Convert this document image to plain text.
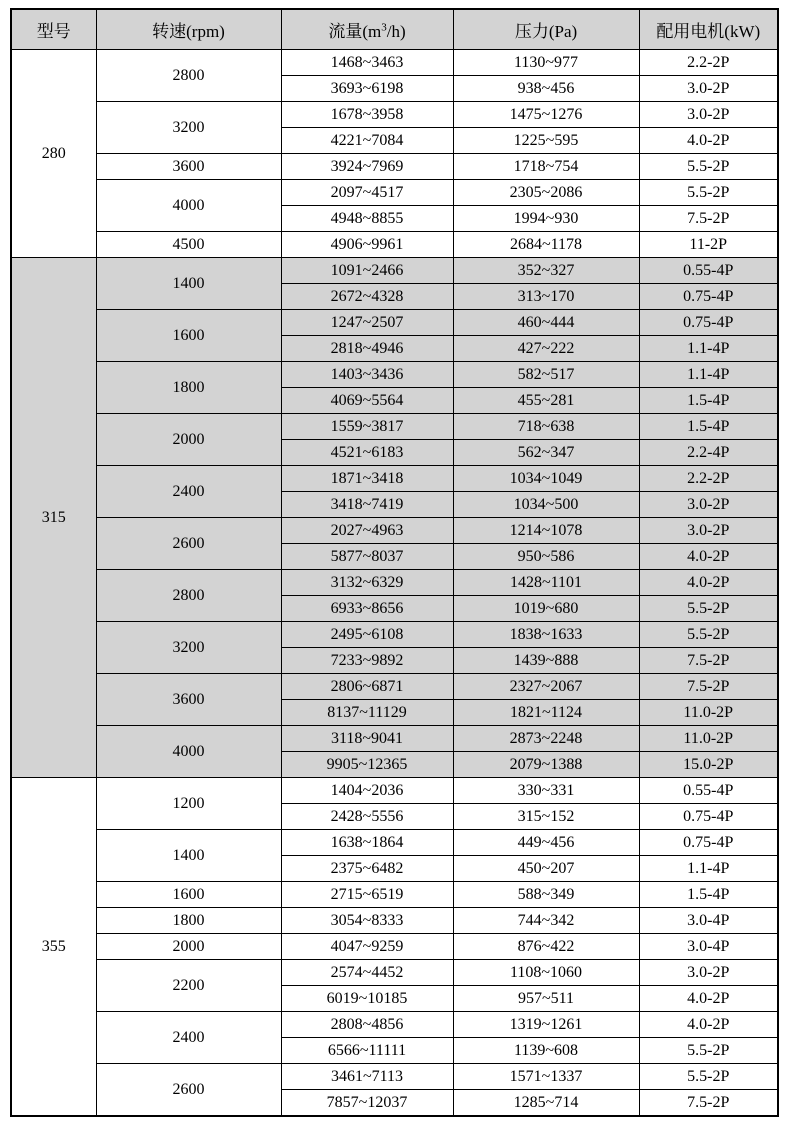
型号	转速(rpm)	流量$(m^3/h)$	压力(Pa)	配用电机(kW)
280	2800	1468~3463	1130~977	2.2-2P
		3693~6198	938~456	3.0-2P
	3200	1678~3958	1475~1276	3.0-2P
		4221~7084	1225~595	4.0-2P
	3600	3924~7969	1718~754	5.5-2P
	4000	2097~4517	2305~2086	5.5-2P
		4948~8855	1994~930	7.5-2P
	4500	4906~9961	2684~1178	11-2P
315	1400	1091~2466	352~327	0.55-4P
		2672~4328	313~170	0.75-4P
	1600	1247~2507	460~444	0.75-4P
		2818~4946	427~222	1.1-4P
	1800	1403~3436	582~517	1.1-4P
		4069~5564	455~281	1.5-4P
	2000	1559~3817	718~638	1.5-4P
		4521~6183	562~347	2.2-4P
	2400	1871~3418	1034~1049	2.2-2P
		3418~7419	1034~500	3.0-2P
	2600	2027~4963	1214~1078	3.0-2P
		5877~8037	950~586	4.0-2P
	2800	3132~6329	1428~1101	4.0-2P
		6933~8656	1019~680	5.5-2P
	3200	2495~6108	1838~1633	5.5-2P
		7233~9892	1439~888	7.5-2P
	3600	2806~6871	2327~2067	7.5-2P
		8137~11129	1821~1124	11.0-2P
	4000	3118~9041	2873~2248	11.0-2P
		9905~12365	2079~1388	15.0-2P
355	1200	1404~2036	330~331	0.55-4P
		2428~5556	315~152	0.75-4P
	1400	1638~1864	449~456	0.75-4P
		2375~6482	450~207	1.1-4P
	1600	2715~6519	588~349	1.5-4P
	1800	3054~8333	744~342	3.0-4P
	2000	4047~9259	876~422	3.0-4P
	2200	2574~4452	1108~1060	3.0-2P
		6019~10185	957~511	4.0-2P
	2400	2808~4856	1319~1261	4.0-2P
		6566~11111	1139~608	5.5-2P
	2600	3461~7113	1571~1337	5.5-2P
		7857~12037	1285~714	7.5-2P
